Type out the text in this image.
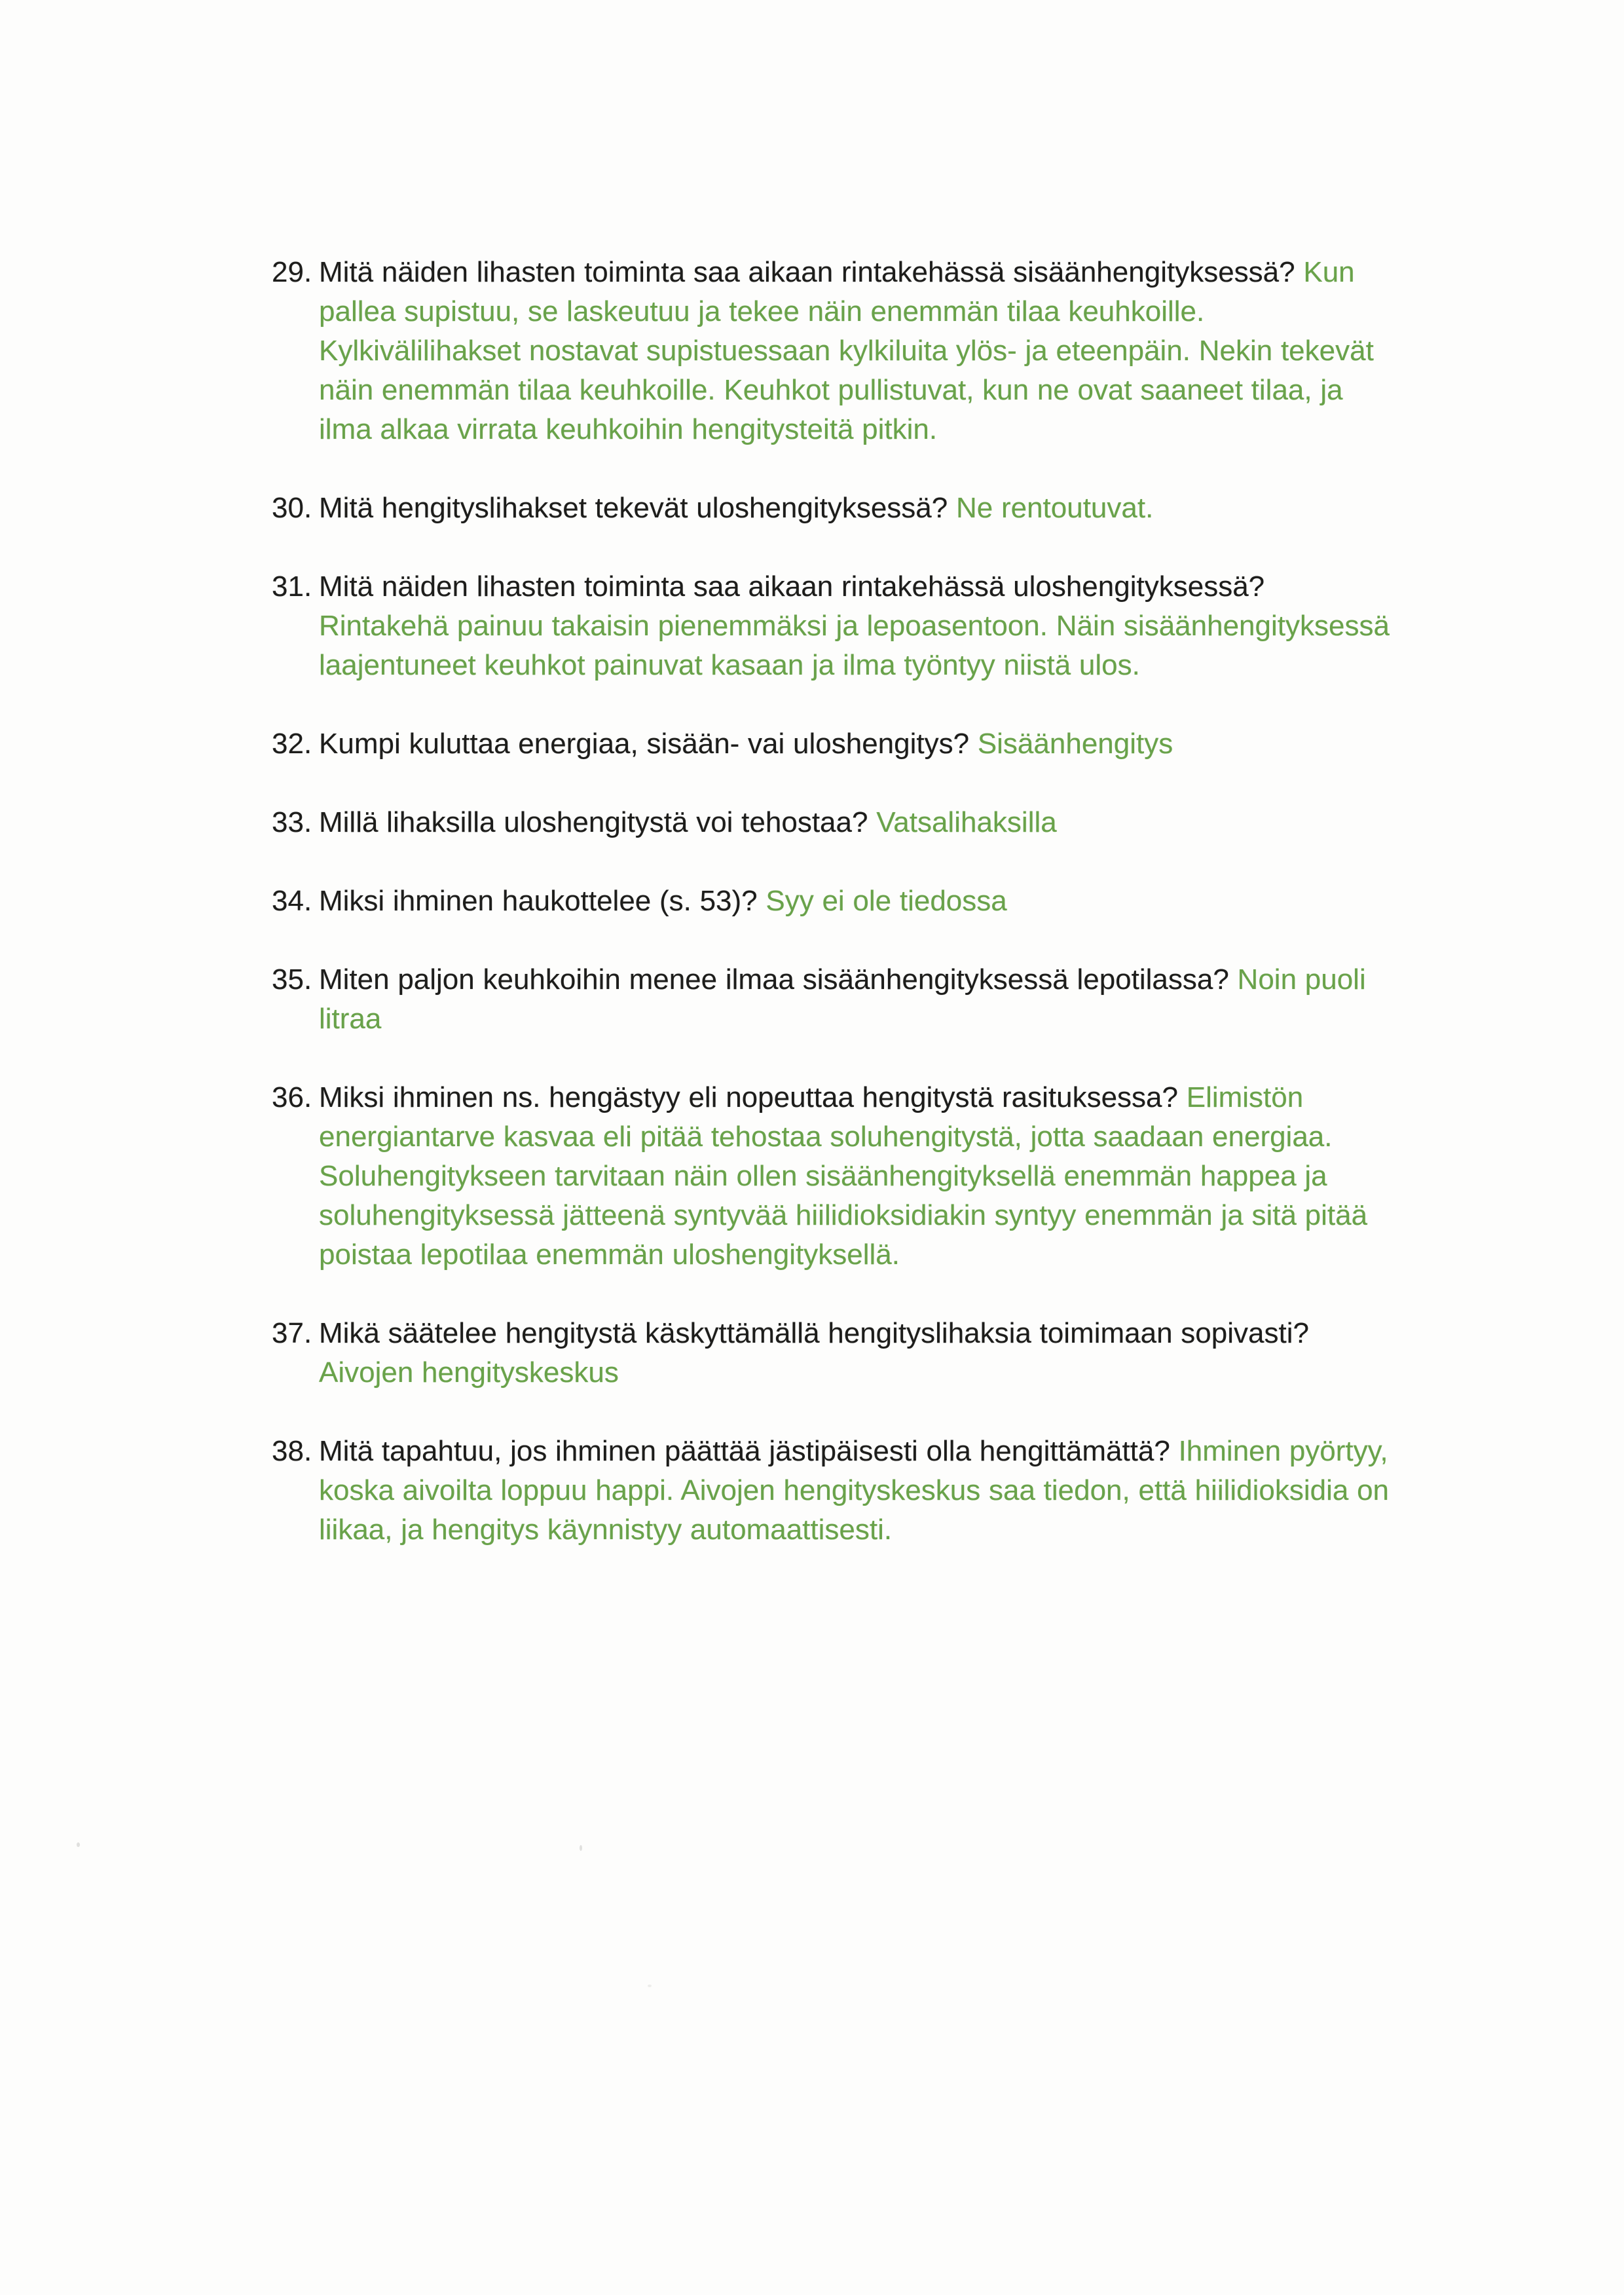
29. Mitä näiden lihasten toiminta saa aikaan rintakehässä sisäänhengityksessä? Kun pallea supistuu, se laskeutuu ja tekee näin enemmän tilaa keuhkoille. Kylkivälilihakset nostavat supistuessaan kylkiluita ylös- ja eteenpäin. Nekin tekevät näin enemmän tilaa keuhkoille. Keuhkot pullistuvat, kun ne ovat saaneet tilaa, ja ilma alkaa virrata keuhkoihin hengitysteitä pitkin.
30. Mitä hengityslihakset tekevät uloshengityksessä? Ne rentoutuvat.
31. Mitä näiden lihasten toiminta saa aikaan rintakehässä uloshengityksessä? Rintakehä painuu takaisin pienemmäksi ja lepoasentoon. Näin sisäänhengityksessä laajentuneet keuhkot painuvat kasaan ja ilma työntyy niistä ulos.
32. Kumpi kuluttaa energiaa, sisään- vai uloshengitys? Sisäänhengitys
33. Millä lihaksilla uloshengitystä voi tehostaa? Vatsalihaksilla
34. Miksi ihminen haukottelee (s. 53)? Syy ei ole tiedossa
35. Miten paljon keuhkoihin menee ilmaa sisäänhengityksessä lepotilassa? Noin puoli litraa
36. Miksi ihminen ns. hengästyy eli nopeuttaa hengitystä rasituksessa? Elimistön energiantarve kasvaa eli pitää tehostaa soluhengitystä, jotta saadaan energiaa. Soluhengitykseen tarvitaan näin ollen sisäänhengityksellä enemmän happea ja soluhengityksessä jätteenä syntyvää hiilidioksidiakin syntyy enemmän ja sitä pitää poistaa lepotilaa enemmän uloshengityksellä.
37. Mikä säätelee hengitystä käskyttämällä hengityslihaksia toimimaan sopivasti? Aivojen hengityskeskus
38. Mitä tapahtuu, jos ihminen päättää jästipäisesti olla hengittämättä? Ihminen pyörtyy, koska aivoilta loppuu happi. Aivojen hengityskeskus saa tiedon, että hiilidioksidia on liikaa, ja hengitys käynnistyy automaattisesti.
